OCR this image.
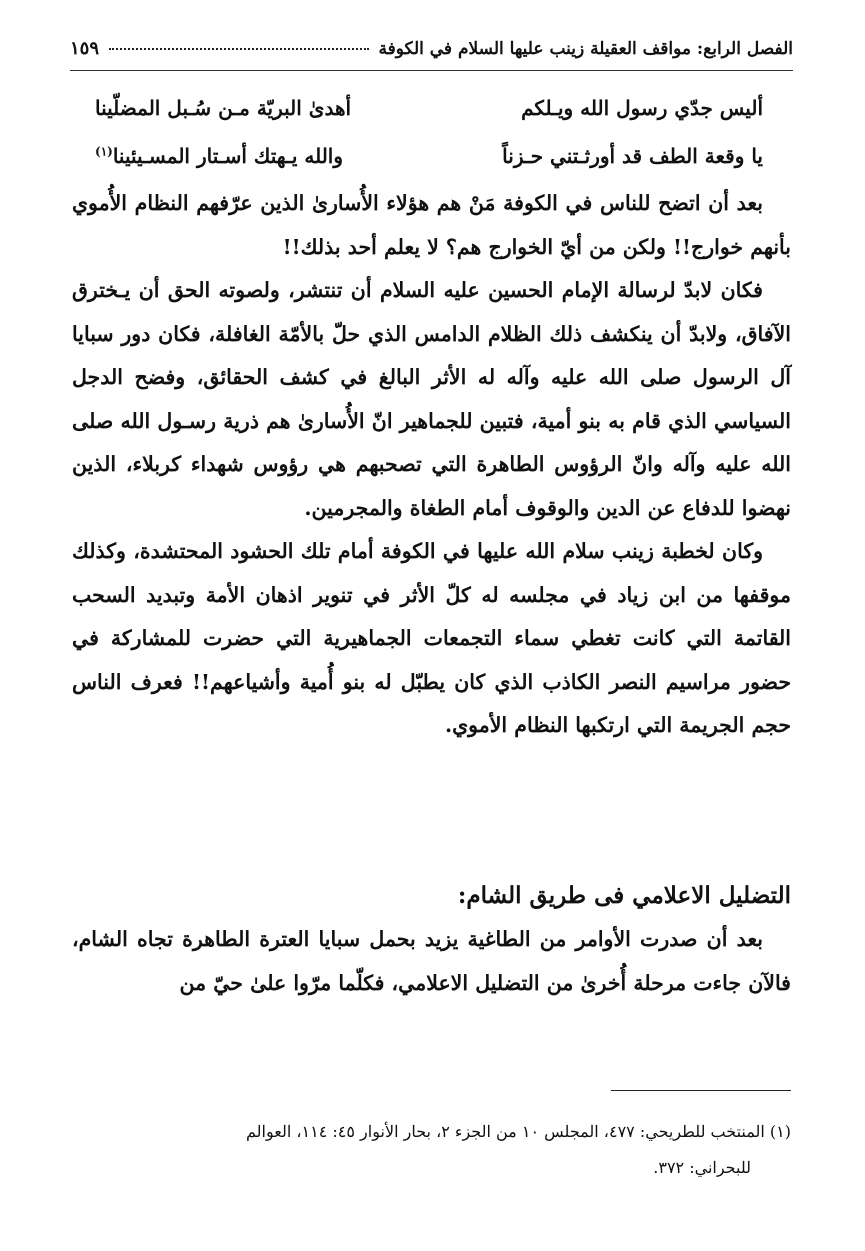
الفصل الرابع: مواقف العقيلة زينب عليها السلام في الكوفة
١٥٩
أليس جدّي رسول الله ويـلكم
أهدىٰ البريّة مـن سُـبل المضلّينا
يا وقعة الطف قد أورثـتني حـزناً
والله يـهتك أسـتار المسـيئينا$^{(١)}$

بعد أن اتضح للناس في الكوفة مَنْ هم هؤلاء الأُسارىٰ الذين عرّفهم النظام الأُموي بأنهم خوارج!! ولكن من أيّ الخوارج هم؟ لا يعلم أحد بذلك!!

فكان لابدّ لرسالة الإمام الحسين عليه السلام أن تنتشر، ولصوته الحق أن يـخترق الآفاق، ولابدّ أن ينكشف ذلك الظلام الدامس الذي حلّ بالأمّة الغافلة، فكان دور سبايا آل الرسول صلى الله عليه وآله له الأثر البالغ في كشف الحقائق، وفضح الدجل السياسي الذي قام به بنو أمية، فتبين للجماهير انّ الأُسارىٰ هم ذرية رسـول الله صلى الله عليه وآله وانّ الرؤوس الطاهرة التي تصحبهم هي رؤوس شهداء كربلاء، الذين نهضوا للدفاع عن الدين والوقوف أمام الطغاة والمجرمين.

وكان لخطبة زينب سلام الله عليها في الكوفة أمام تلك الحشود المحتشدة، وكذلك موقفها من ابن زياد في مجلسه له كلّ الأثر في تنوير اذهان الأمة وتبديد السحب القاتمة التي كانت تغطي سماء التجمعات الجماهيرية التي حضرت للمشاركة في حضور مراسيم النصر الكاذب الذي كان يطبّل له بنو أُمية وأشياعهم!! فعرف الناس حجم الجريمة التي ارتكبها النظام الأموي.

التضليل الاعلامي فى طريق الشام:

بعد أن صدرت الأوامر من الطاغية يزيد بحمل سبايا العترة الطاهرة تجاه الشام، فالآن جاءت مرحلة أُخرىٰ من التضليل الاعلامي، فكلّما مرّوا علىٰ حيّ من

(١) المنتخب للطريحي: ٤٧٧، المجلس ١٠ من الجزء ٢، بحار الأنوار ٤٥: ١١٤، العوالم
للبحراني: ٣٧٢.
